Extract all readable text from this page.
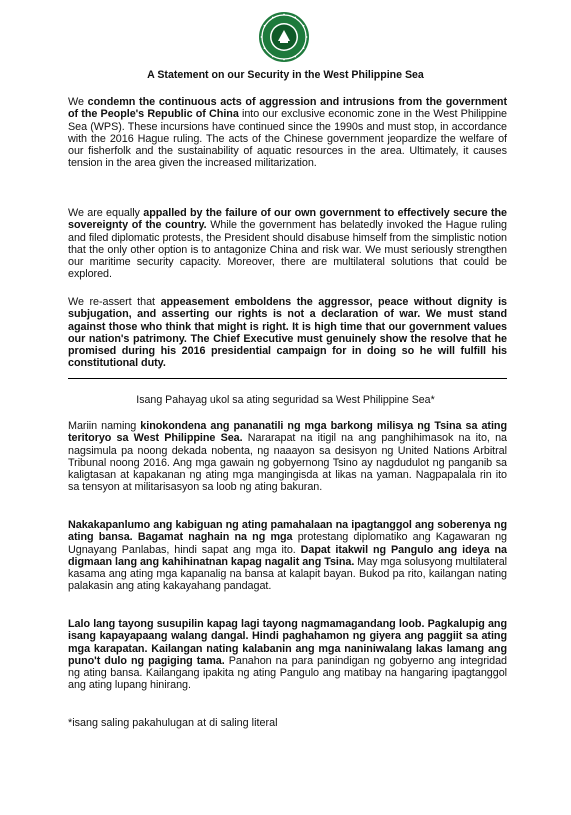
A Statement on our Security in the West Philippine Sea

We condemn the continuous acts of aggression and intrusions from the government of the People's Republic of China into our exclusive economic zone in the West Philippine Sea (WPS). These incursions have continued since the 1990s and must stop, in accordance with the 2016 Hague ruling. The acts of the Chinese government jeopardize the welfare of our fisherfolk and the sustainability of aquatic resources in the area. Ultimately, it causes tension in the area given the increased militarization.

We are equally appalled by the failure of our own government to effectively secure the sovereignty of the country. While the government has belatedly invoked the Hague ruling and filed diplomatic protests, the President should disabuse himself from the simplistic notion that the only other option is to antagonize China and risk war. We must seriously strengthen our maritime security capacity. Moreover, there are multilateral solutions that could be explored.

We re-assert that appeasement emboldens the aggressor, peace without dignity is subjugation, and asserting our rights is not a declaration of war. We must stand against those who think that might is right. It is high time that our government values our nation's patrimony. The Chief Executive must genuinely show the resolve that he promised during his 2016 presidential campaign for in doing so he will fulfill his constitutional duty.

Isang Pahayag ukol sa ating seguridad sa West Philippine Sea*

Mariin naming kinokondena ang pananatili ng mga barkong milisya ng Tsina sa ating teritoryo sa West Philippine Sea. Nararapat na itigil na ang panghihimasok na ito, na nagsimula pa noong dekada nobenta, ng naaayon sa desisyon ng United Nations Arbitral Tribunal noong 2016. Ang mga gawain ng gobyernong Tsino ay nagdudulot ng panganib sa kaligtasan at kapakanan ng ating mga mangingisda at likas na yaman. Nagpapalala rin ito sa tensyon at militarisasyon sa loob ng ating bakuran.

Nakakapanlumo ang kabiguan ng ating pamahalaan na ipagtanggol ang soberenya ng ating bansa. Bagamat naghain na ng mga protestang diplomatiko ang Kagawaran ng Ugnayang Panlabas, hindi sapat ang mga ito. Dapat itakwil ng Pangulo ang ideya na digmaan lang ang kahihinatnan kapag nagalit ang Tsina. May mga solusyong multilateral kasama ang ating mga kapanalig na bansa at kalapit bayan. Bukod pa rito, kailangan nating palakasin ang ating kakayahang pandagat.

Lalo lang tayong susupilin kapag lagi tayong nagmamagandang loob. Pagkalupig ang isang kapayapaang walang dangal. Hindi paghahamon ng giyera ang paggiit sa ating mga karapatan. Kailangan nating kalabanin ang mga naniniwalang lakas lamang ang puno't dulo ng pagiging tama. Panahon na para panindigan ng gobyerno ang integridad ng ating bansa. Kailangang ipakita ng ating Pangulo ang matibay na hangaring ipagtanggol ang ating lupang hinirang.

*isang saling pakahulugan at di saling literal
